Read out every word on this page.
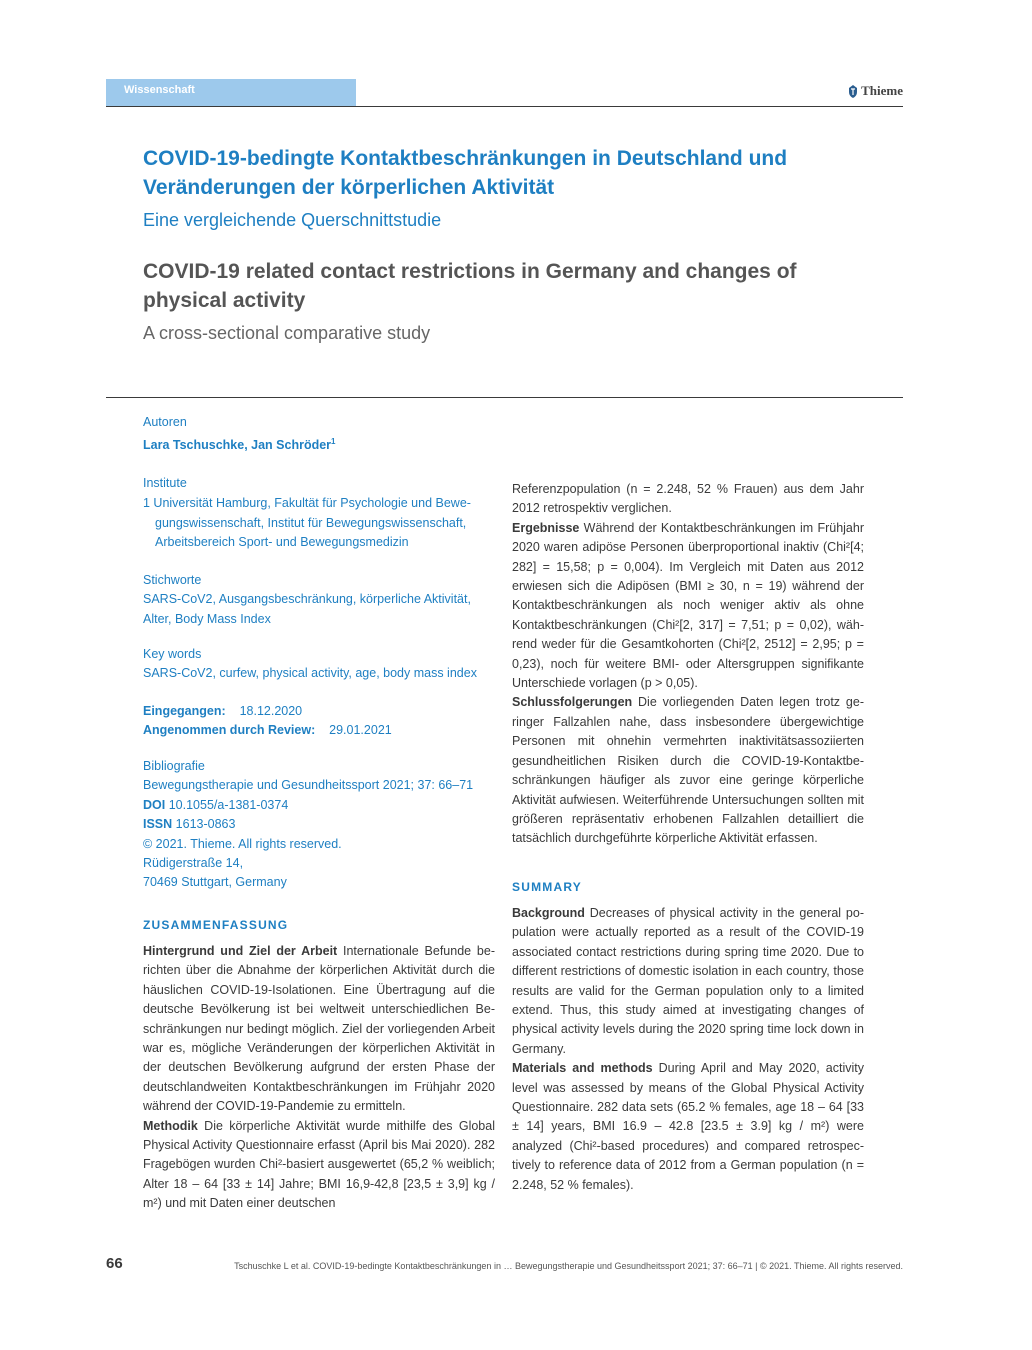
Wissenschaft	Thieme
COVID-19-bedingte Kontaktbeschränkungen in Deutschland und Veränderungen der körperlichen Aktivität
Eine vergleichende Querschnittstudie
COVID-19 related contact restrictions in Germany and changes of physical activity
A cross-sectional comparative study
Autoren
Lara Tschuschke, Jan Schröder$^1$
Institute
1 Universität Hamburg, Fakultät für Psychologie und Bewegungswissenschaft, Institut für Bewegungswissenschaft, Arbeitsbereich Sport- und Bewegungsmedizin
Stichworte
SARS-CoV2, Ausgangsbeschränkung, körperliche Aktivität, Alter, Body Mass Index
Key words
SARS-CoV2, curfew, physical activity, age, body mass index
Eingegangen: 18.12.2020
Angenommen durch Review: 29.01.2021
Bibliografie
Bewegungstherapie und Gesundheitssport 2021; 37: 66–71
DOI 10.1055/a-1381-0374
ISSN 1613-0863
© 2021. Thieme. All rights reserved.
Rüdigerstraße 14,
70469 Stuttgart, Germany
ZUSAMMENFASSUNG
Hintergrund und Ziel der Arbeit Internationale Befunde berichten über die Abnahme der körperlichen Aktivität durch die häuslichen COVID-19-Isolationen. Eine Übertragung auf die deutsche Bevölkerung ist bei weltweit unterschiedlichen Beschränkungen nur bedingt möglich. Ziel der vorliegenden Arbeit war es, mögliche Veränderungen der körperlichen Aktivität in der deutschen Bevölkerung aufgrund der ersten Phase der deutschlandweiten Kontaktbeschränkungen im Frühjahr 2020 während der COVID-19-Pandemie zu ermitteln.
Methodik Die körperliche Aktivität wurde mithilfe des Global Physical Activity Questionnaire erfasst (April bis Mai 2020). 282 Fragebögen wurden Chi²-basiert ausgewertet (65,2 % weiblich; Alter 18 – 64 [33 ± 14] Jahre; BMI 16,9-42,8 [23,5 ± 3,9] kg / m²) und mit Daten einer deutschen
Referenzpopulation (n = 2.248, 52 % Frauen) aus dem Jahr 2012 retrospektiv verglichen.
Ergebnisse Während der Kontaktbeschränkungen im Frühjahr 2020 waren adipöse Personen überproportional inaktiv (Chi²[4; 282] = 15,58; p = 0,004). Im Vergleich mit Daten aus 2012 erwiesen sich die Adipösen (BMI ≥ 30, n = 19) während der Kontaktbeschränkungen als noch weniger aktiv als ohne Kontaktbeschränkungen (Chi²[2, 317] = 7,51; p = 0,02), während weder für die Gesamtkohorten (Chi²[2, 2512] = 2,95; p = 0,23), noch für weitere BMI- oder Altersgruppen signifikante Unterschiede vorlagen (p > 0,05).
Schlussfolgerungen Die vorliegenden Daten legen trotz geringer Fallzahlen nahe, dass insbesondere übergewichtige Personen mit ohnehin vermehrten inaktivitätsassoziierten gesundheitlichen Risiken durch die COVID-19-Kontaktbeschränkungen häufiger als zuvor eine geringe körperliche Aktivität aufwiesen. Weiterführende Untersuchungen sollten mit größeren repräsentativ erhobenen Fallzahlen detailliert die tatsächlich durchgeführte körperliche Aktivität erfassen.
SUMMARY
Background Decreases of physical activity in the general population were actually reported as a result of the COVID-19 associated contact restrictions during spring time 2020. Due to different restrictions of domestic isolation in each country, those results are valid for the German population only to a limited extend. Thus, this study aimed at investigating changes of physical activity levels during the 2020 spring time lock down in Germany.
Materials and methods During April and May 2020, activity level was assessed by means of the Global Physical Activity Questionnaire. 282 data sets (65.2 % females, age 18 – 64 [33 ± 14] years, BMI 16.9 – 42.8 [23.5 ± 3.9] kg / m²) were analyzed (Chi²-based procedures) and compared retrospectively to reference data of 2012 from a German population (n = 2.248, 52 % females).
66	Tschuschke L et al. COVID-19-bedingte Kontaktbeschränkungen in … Bewegungstherapie und Gesundheitssport 2021; 37: 66–71 | © 2021. Thieme. All rights reserved.
